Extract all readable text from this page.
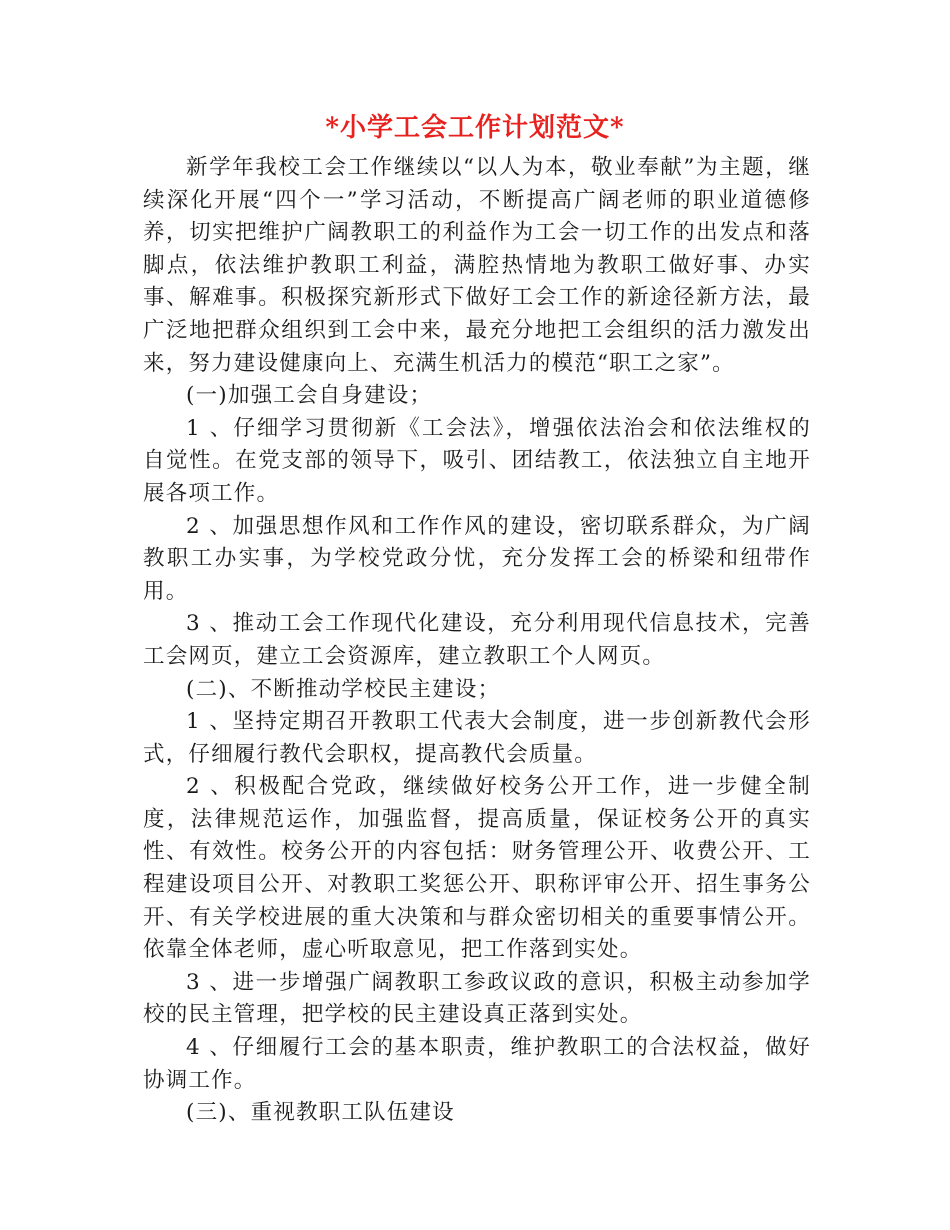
*小学工会工作计划范文*

新学年我校工会工作继续以“以人为本，敬业奉献”为主题，继续深化开展“四个一”学习活动，不断提高广阔老师的职业道德修养，切实把维护广阔教职工的利益作为工会一切工作的出发点和落脚点，依法维护教职工利益，满腔热情地为教职工做好事、办实事、解难事。积极探究新形式下做好工会工作的新途径新方法，最广泛地把群众组织到工会中来，最充分地把工会组织的活力激发出来，努力建设健康向上、充满生机活力的模范“职工之家”。

(一)加强工会自身建设；

1 、仔细学习贯彻新《工会法》，增强依法治会和依法维权的自觉性。在党支部的领导下，吸引、团结教工，依法独立自主地开展各项工作。

2 、加强思想作风和工作作风的建设，密切联系群众，为广阔教职工办实事，为学校党政分忧，充分发挥工会的桥梁和纽带作用。

3 、推动工会工作现代化建设，充分利用现代信息技术，完善工会网页，建立工会资源库，建立教职工个人网页。

(二)、不断推动学校民主建设；

1 、坚持定期召开教职工代表大会制度，进一步创新教代会形式，仔细履行教代会职权，提高教代会质量。

2 、积极配合党政，继续做好校务公开工作，进一步健全制度，法律规范运作，加强监督，提高质量，保证校务公开的真实性、有效性。校务公开的内容包括：财务管理公开、收费公开、工程建设项目公开、对教职工奖惩公开、职称评审公开、招生事务公开、有关学校进展的重大决策和与群众密切相关的重要事情公开。依靠全体老师，虚心听取意见，把工作落到实处。

3 、进一步增强广阔教职工参政议政的意识，积极主动参加学校的民主管理，把学校的民主建设真正落到实处。

4 、仔细履行工会的基本职责，维护教职工的合法权益，做好协调工作。

(三)、重视教职工队伍建设
